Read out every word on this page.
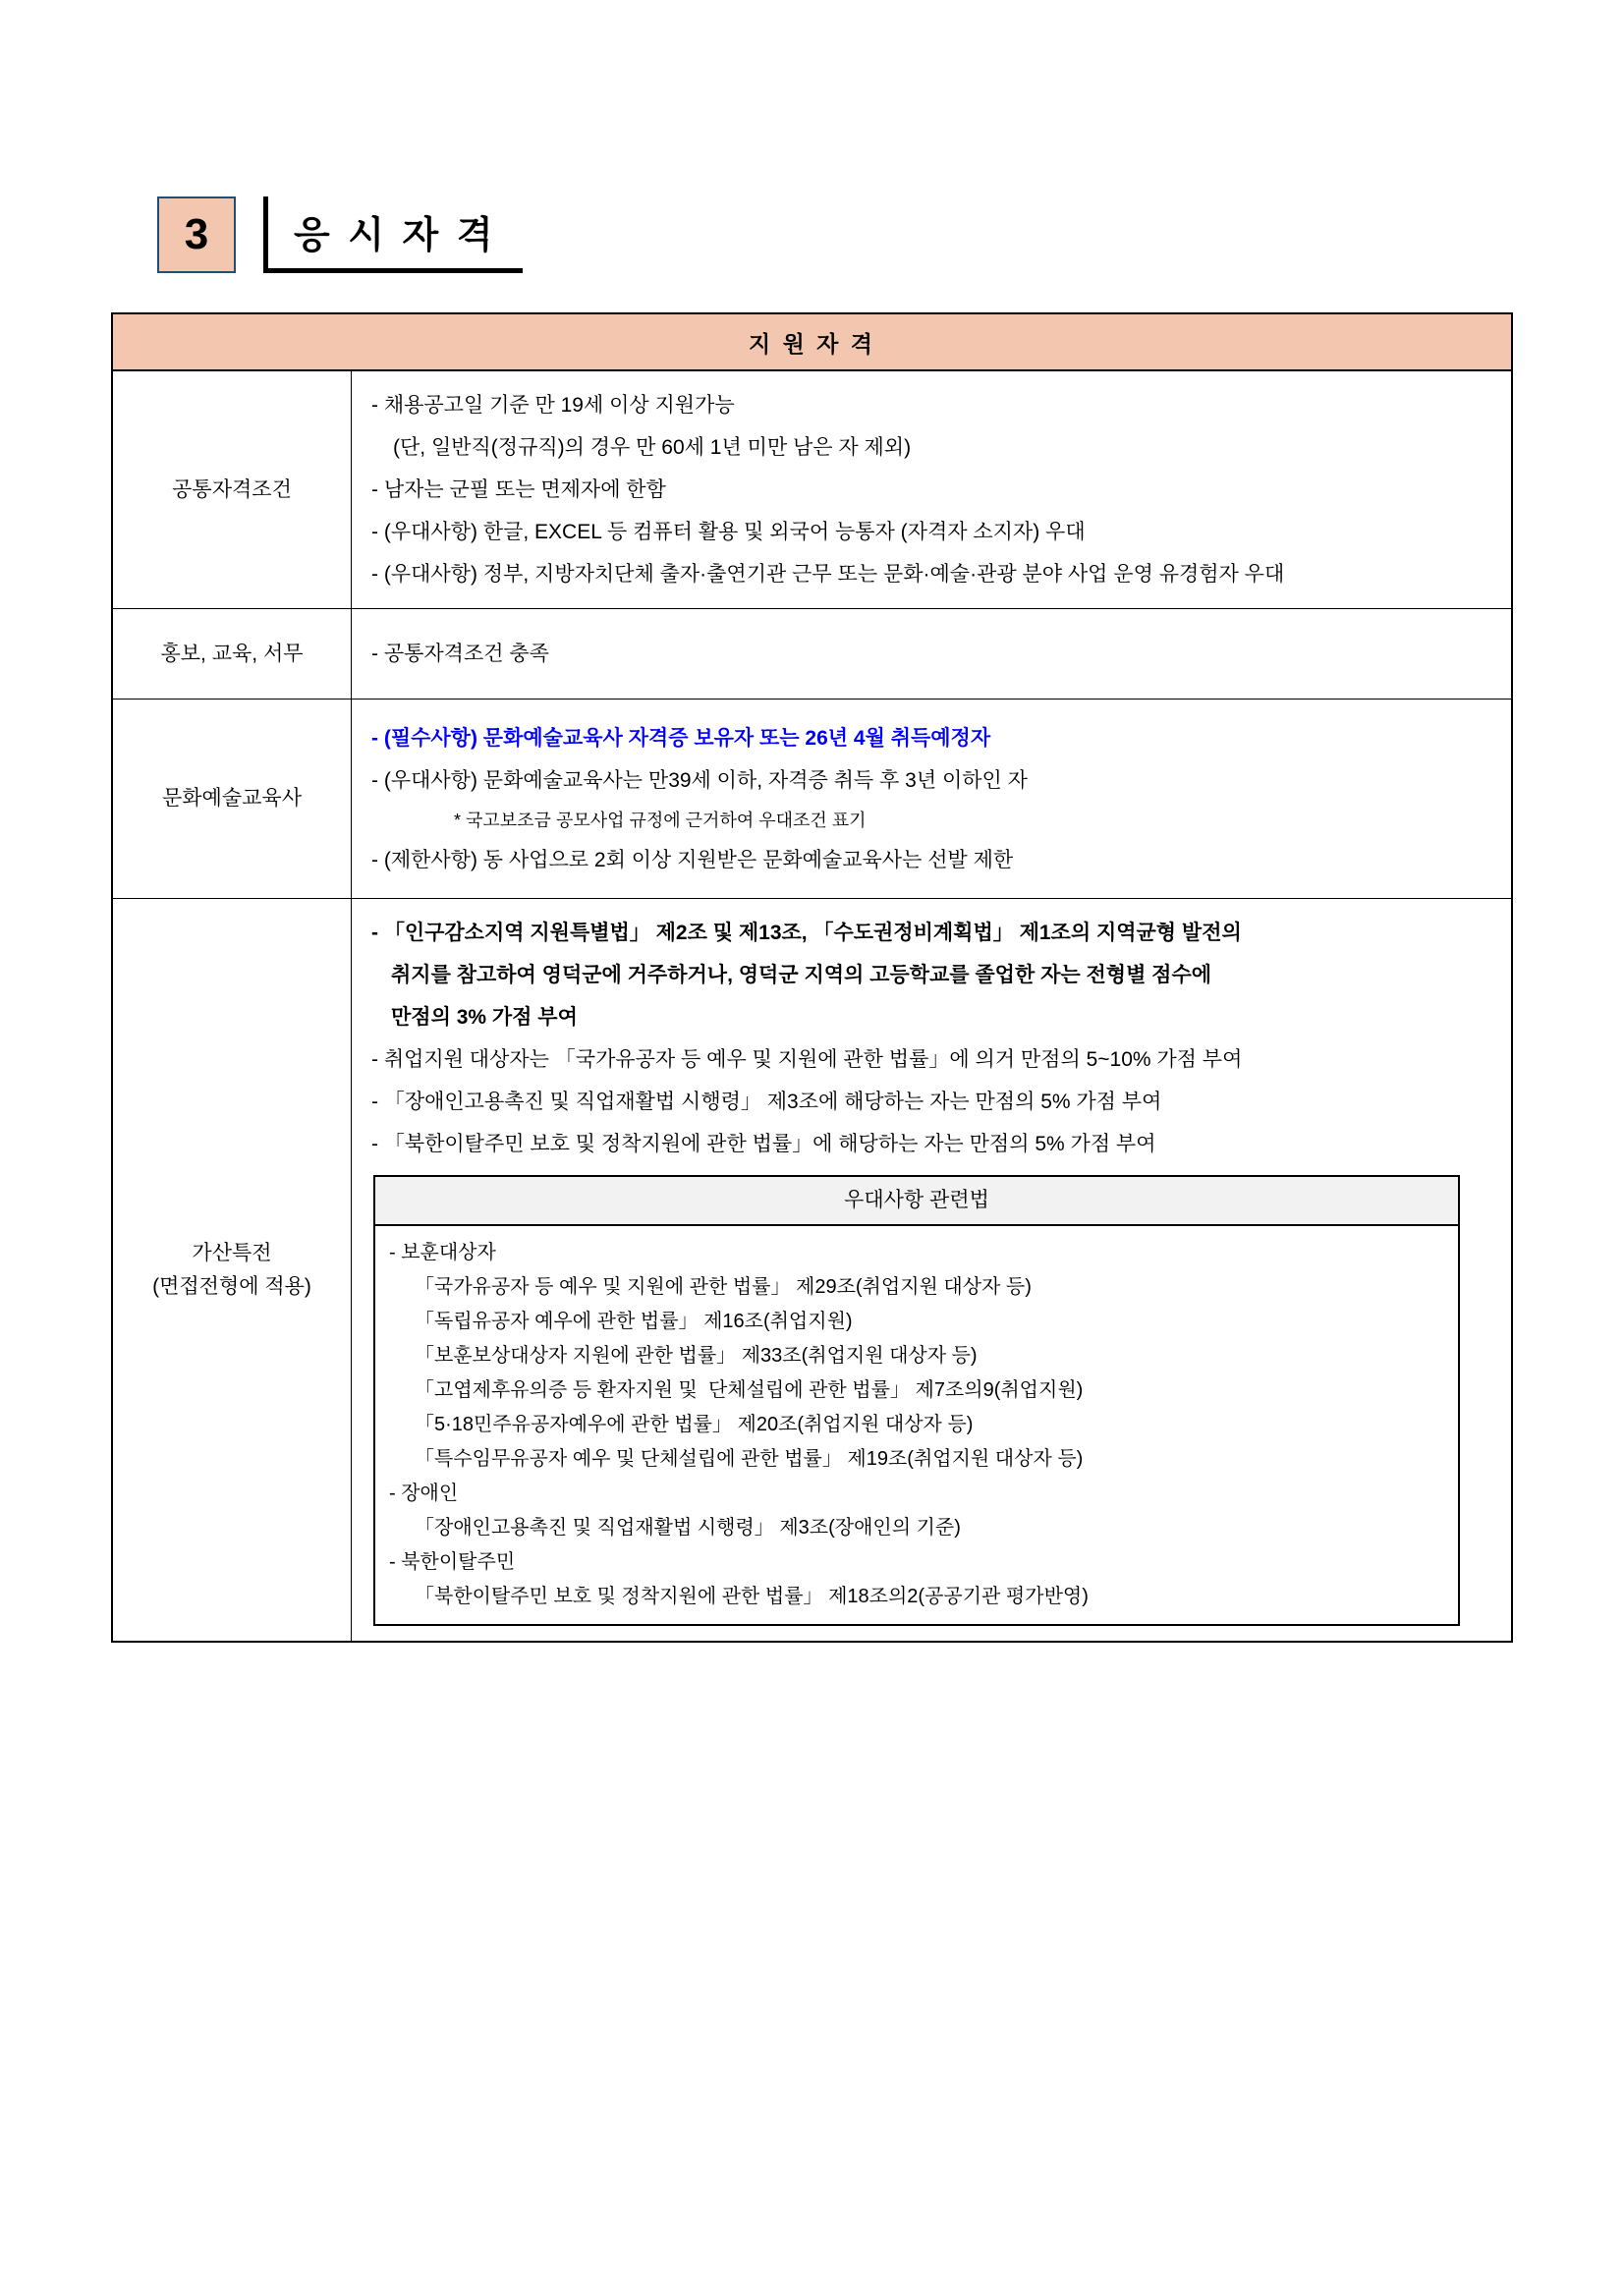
3 응 시 자 격
지 원 자 격
공통자격조건
- 채용공고일 기준 만 19세 이상 지원가능
(단, 일반직(정규직)의 경우 만 60세 1년 미만 남은 자 제외)
- 남자는 군필 또는 면제자에 한함
- (우대사항) 한글, EXCEL 등 컴퓨터 활용 및 외국어 능통자 (자격자 소지자) 우대
- (우대사항) 정부, 지방자치단체 출자·출연기관 근무 또는 문화·예술·관광 분야 사업 운영 유경험자 우대
홍보, 교육, 서무	- 공통자격조건 충족
문화예술교육사
- (필수사항) 문화예술교육사 자격증 보유자 또는 26년 4월 취득예정자
- (우대사항) 문화예술교육사는 만39세 이하, 자격증 취득 후 3년 이하인 자
* 국고보조금 공모사업 규정에 근거하여 우대조건 표기
- (제한사항) 동 사업으로 2회 이상 지원받은 문화예술교육사는 선발 제한
가산특전
(면접전형에 적용)
- 「인구감소지역 지원특별법」 제2조 및 제13조, 「수도권정비계획법」 제1조의 지역균형 발전의
취지를 참고하여 영덕군에 거주하거나, 영덕군 지역의 고등학교를 졸업한 자는 전형별 점수에
만점의 3% 가점 부여
- 취업지원 대상자는 「국가유공자 등 예우 및 지원에 관한 법률」에 의거 만점의 5~10% 가점 부여
- 「장애인고용촉진 및 직업재활법 시행령」 제3조에 해당하는 자는 만점의 5% 가점 부여
- 「북한이탈주민 보호 및 정착지원에 관한 법률」에 해당하는 자는 만점의 5% 가점 부여
우대사항 관련법
- 보훈대상자
「국가유공자 등 예우 및 지원에 관한 법률」 제29조(취업지원 대상자 등)
「독립유공자 예우에 관한 법률」 제16조(취업지원)
「보훈보상대상자 지원에 관한 법률」 제33조(취업지원 대상자 등)
「고엽제후유의증 등 환자지원 및  단체설립에 관한 법률」 제7조의9(취업지원)
「5·18민주유공자예우에 관한 법률」 제20조(취업지원 대상자 등)
「특수임무유공자 예우 및 단체설립에 관한 법률」 제19조(취업지원 대상자 등)
- 장애인
「장애인고용촉진 및 직업재활법 시행령」 제3조(장애인의 기준)
- 북한이탈주민
「북한이탈주민 보호 및 정착지원에 관한 법률」 제18조의2(공공기관 평가반영)
